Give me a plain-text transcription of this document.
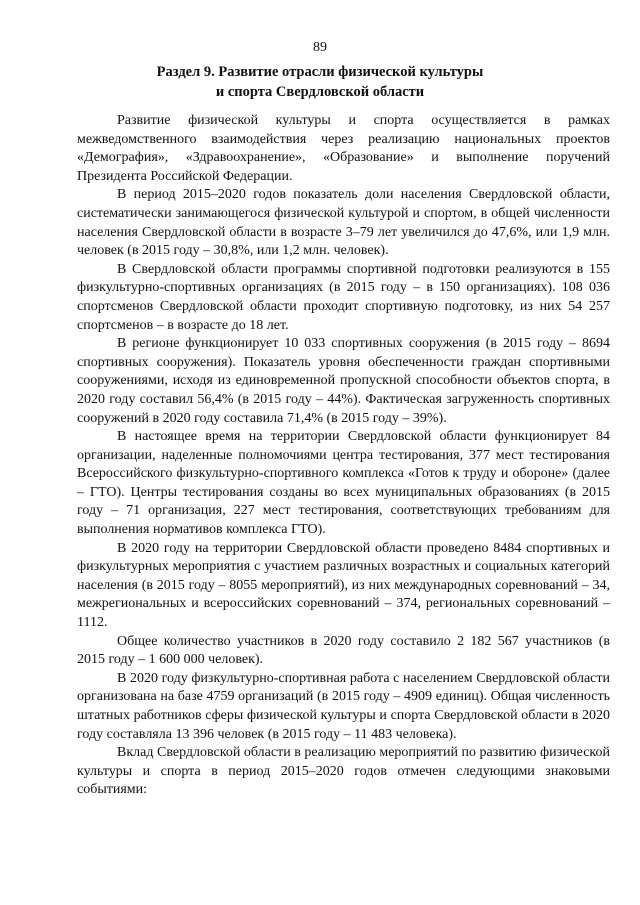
89
Раздел 9. Развитие отрасли физической культуры
и спорта Свердловской области

Развитие физической культуры и спорта осуществляется в рамках межведомственного взаимодействия через реализацию национальных проектов «Демография», «Здравоохранение», «Образование» и выполнение поручений Президента Российской Федерации.

В период 2015–2020 годов показатель доли населения Свердловской области, систематически занимающегося физической культурой и спортом, в общей численности населения Свердловской области в возрасте 3–79 лет увеличился до 47,6%, или 1,9 млн. человек (в 2015 году – 30,8%, или 1,2 млн. человек).

В Свердловской области программы спортивной подготовки реализуются в 155 физкультурно-спортивных организациях (в 2015 году – в 150 организациях). 108 036 спортсменов Свердловской области проходит спортивную подготовку, из них 54 257 спортсменов – в возрасте до 18 лет.

В регионе функционирует 10 033 спортивных сооружения (в 2015 году – 8694 спортивных сооружения). Показатель уровня обеспеченности граждан спортивными сооружениями, исходя из единовременной пропускной способности объектов спорта, в 2020 году составил 56,4% (в 2015 году – 44%). Фактическая загруженность спортивных сооружений в 2020 году составила 71,4% (в 2015 году – 39%).

В настоящее время на территории Свердловской области функционирует 84 организации, наделенные полномочиями центра тестирования, 377 мест тестирования Всероссийского физкультурно-спортивного комплекса «Готов к труду и обороне» (далее – ГТО). Центры тестирования созданы во всех муниципальных образованиях (в 2015 году – 71 организация, 227 мест тестирования, соответствующих требованиям для выполнения нормативов комплекса ГТО).

В 2020 году на территории Свердловской области проведено 8484 спортивных и физкультурных мероприятия с участием различных возрастных и социальных категорий населения (в 2015 году – 8055 мероприятий), из них международных соревнований – 34, межрегиональных и всероссийских соревнований – 374, региональных соревнований – 1112.

Общее количество участников в 2020 году составило 2 182 567 участников (в 2015 году – 1 600 000 человек).

В 2020 году физкультурно-спортивная работа с населением Свердловской области организована на базе 4759 организаций (в 2015 году – 4909 единиц). Общая численность штатных работников сферы физической культуры и спорта Свердловской области в 2020 году составляла 13 396 человек (в 2015 году – 11 483 человека).

Вклад Свердловской области в реализацию мероприятий по развитию физической культуры и спорта в период 2015–2020 годов отмечен следующими знаковыми событиями:
